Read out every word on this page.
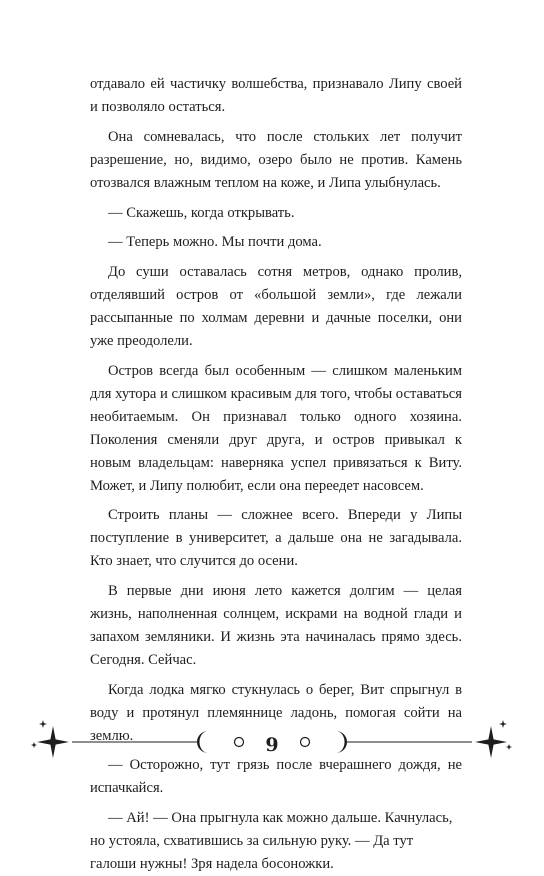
отдавало ей частичку волшебства, признавало Липу своей и позволяло остаться.

Она сомневалась, что после стольких лет получит разрешение, но, видимо, озеро было не против. Камень отозвался влажным теплом на коже, и Липа улыбнулась.

— Скажешь, когда открывать.

— Теперь можно. Мы почти дома.

До суши оставалась сотня метров, однако пролив, отделявший остров от «большой земли», где лежали рассыпанные по холмам деревни и дачные поселки, они уже преодолели.

Остров всегда был особенным — слишком маленьким для хутора и слишком красивым для того, чтобы оставаться необитаемым. Он признавал только одного хозяина. Поколения сменяли друг друга, и остров привыкал к новым владельцам: наверняка успел привязаться к Виту. Может, и Липу полюбит, если она переедет насовсем.

Строить планы — сложнее всего. Впереди у Липы поступление в университет, а дальше она не загадывала. Кто знает, что случится до осени.

В первые дни июня лето кажется долгим — целая жизнь, наполненная солнцем, искрами на водной глади и запахом земляники. И жизнь эта начиналась прямо здесь. Сегодня. Сейчас.

Когда лодка мягко стукнулась о берег, Вит спрыгнул в воду и протянул племяннице ладонь, помогая сойти на землю.

— Осторожно, тут грязь после вчерашнего дождя, не испачкайся.

— Ай! — Она прыгнула как можно дальше. Качнулась, но устояла, схватившись за сильную руку. — Да тут галоши нужны! Зря надела босоножки.

9
